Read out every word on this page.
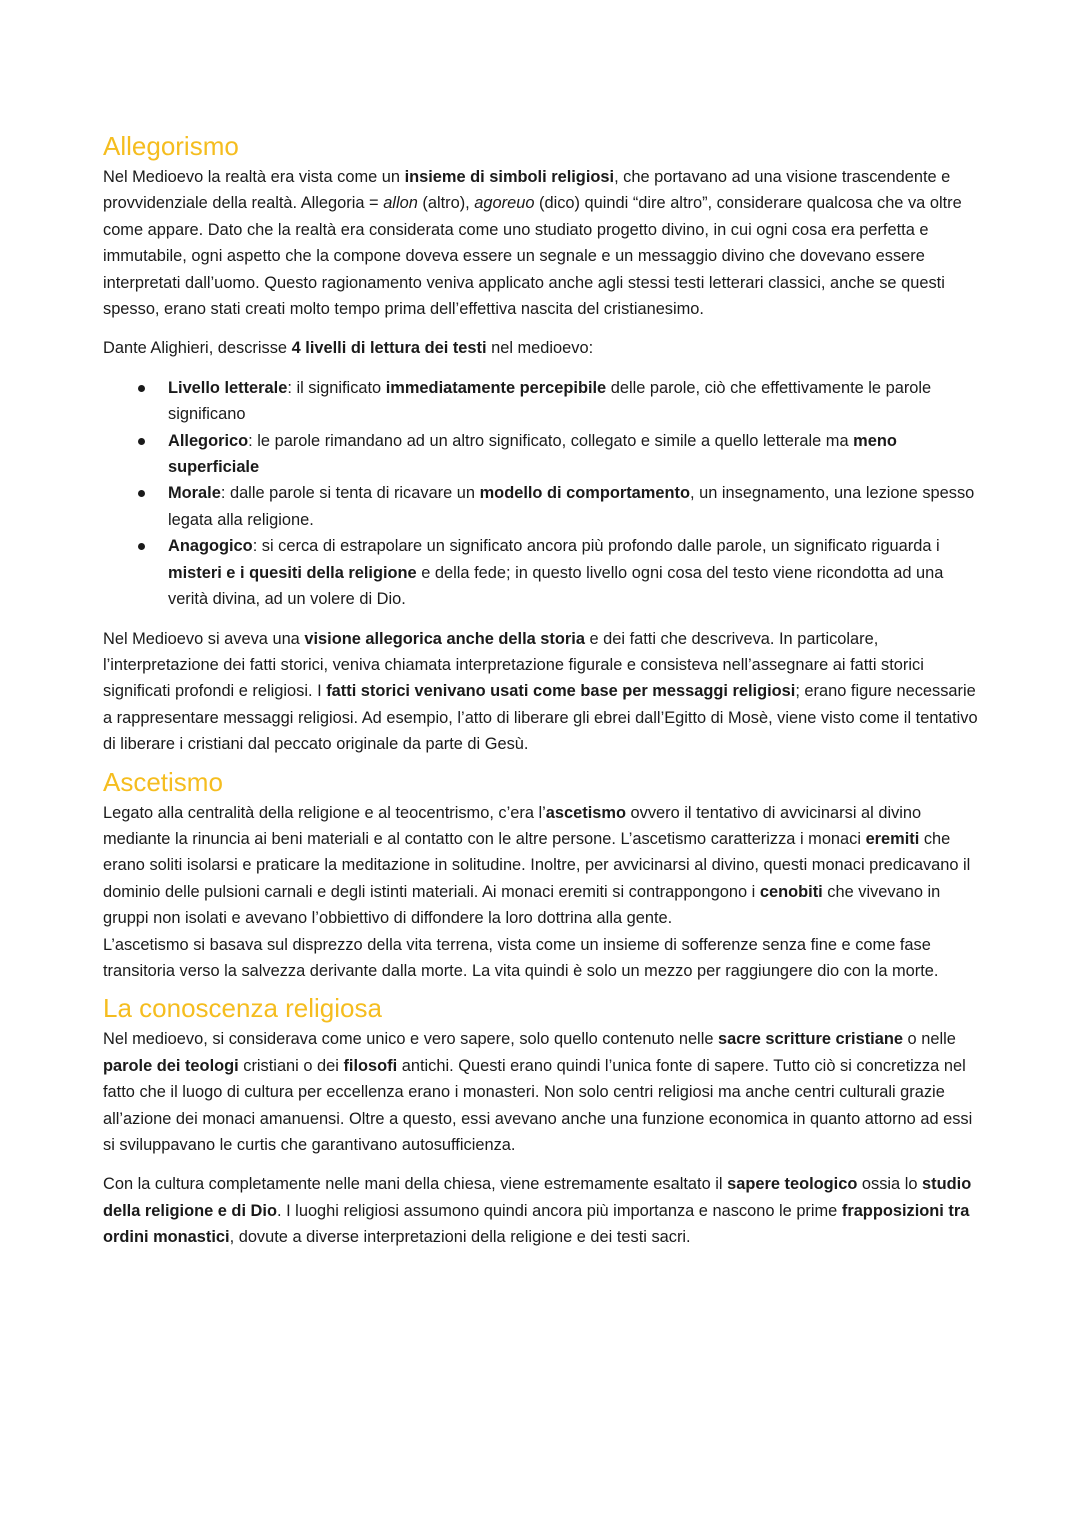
Allegorismo

Nel Medioevo la realtà era vista come un insieme di simboli religiosi, che portavano ad una visione trascendente e provvidenziale della realtà. Allegoria = allon (altro), agoreuo (dico) quindi “dire altro”, considerare qualcosa che va oltre come appare. Dato che la realtà era considerata come uno studiato progetto divino, in cui ogni cosa era perfetta e immutabile, ogni aspetto che la compone doveva essere un segnale e un messaggio divino che dovevano essere interpretati dall’uomo. Questo ragionamento veniva applicato anche agli stessi testi letterari classici, anche se questi spesso, erano stati creati molto tempo prima dell’effettiva nascita del cristianesimo.

Dante Alighieri, descrisse 4 livelli di lettura dei testi nel medioevo:

Livello letterale: il significato immediatamente percepibile delle parole, ciò che effettivamente le parole significano
Allegorico: le parole rimandano ad un altro significato, collegato e simile a quello letterale ma meno superficiale
Morale: dalle parole si tenta di ricavare un modello di comportamento, un insegnamento, una lezione spesso legata alla religione.
Anagogico: si cerca di estrapolare un significato ancora più profondo dalle parole, un significato riguarda i misteri e i quesiti della religione e della fede; in questo livello ogni cosa del testo viene ricondotta ad una verità divina, ad un volere di Dio.

Nel Medioevo si aveva una visione allegorica anche della storia e dei fatti che descriveva. In particolare, l’interpretazione dei fatti storici, veniva chiamata interpretazione figurale e consisteva nell’assegnare ai fatti storici significati profondi e religiosi. I fatti storici venivano usati come base per messaggi religiosi; erano figure necessarie a rappresentare messaggi religiosi. Ad esempio, l’atto di liberare gli ebrei dall’Egitto di Mosè, viene visto come il tentativo di liberare i cristiani dal peccato originale da parte di Gesù.

Ascetismo

Legato alla centralità della religione e al teocentrismo, c’era l’ascetismo ovvero il tentativo di avvicinarsi al divino mediante la rinuncia ai beni materiali e al contatto con le altre persone. L’ascetismo caratterizza i monaci eremiti che erano soliti isolarsi e praticare la meditazione in solitudine. Inoltre, per avvicinarsi al divino, questi monaci predicavano il dominio delle pulsioni carnali e degli istinti materiali. Ai monaci eremiti si contrappongono i cenobiti che vivevano in gruppi non isolati e avevano l’obbiettivo di diffondere la loro dottrina alla gente.

L’ascetismo si basava sul disprezzo della vita terrena, vista come un insieme di sofferenze senza fine e come fase transitoria verso la salvezza derivante dalla morte. La vita quindi è solo un mezzo per raggiungere dio con la morte.

La conoscenza religiosa

Nel medioevo, si considerava come unico e vero sapere, solo quello contenuto nelle sacre scritture cristiane o nelle parole dei teologi cristiani o dei filosofi antichi. Questi erano quindi l’unica fonte di sapere. Tutto ciò si concretizza nel fatto che il luogo di cultura per eccellenza erano i monasteri. Non solo centri religiosi ma anche centri culturali grazie all’azione dei monaci amanuensi. Oltre a questo, essi avevano anche una funzione economica in quanto attorno ad essi si sviluppavano le curtis che garantivano autosufficienza.

Con la cultura completamente nelle mani della chiesa, viene estremamente esaltato il sapere teologico ossia lo studio della religione e di Dio. I luoghi religiosi assumono quindi ancora più importanza e nascono le prime frapposizioni tra ordini monastici, dovute a diverse interpretazioni della religione e dei testi sacri.
